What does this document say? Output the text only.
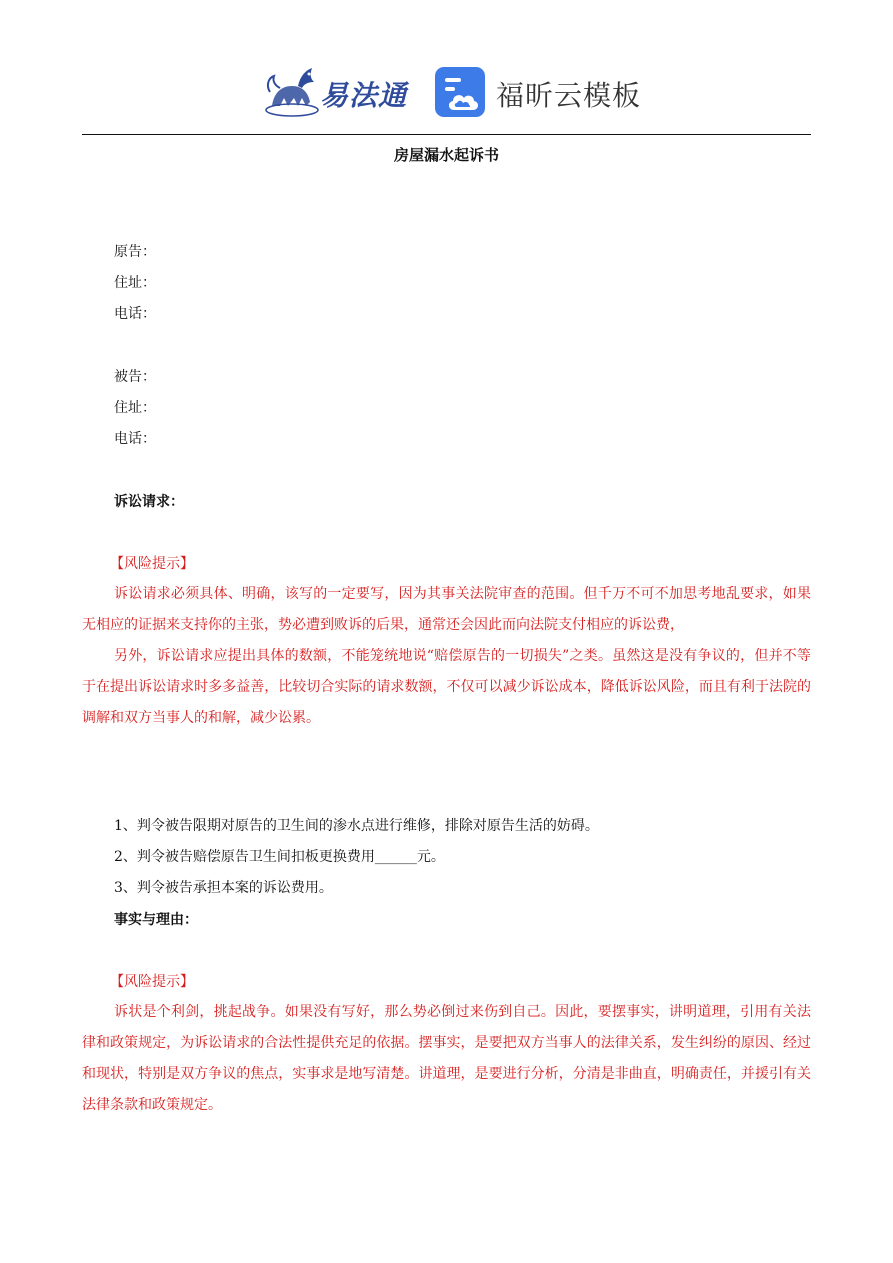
易法通	福昕云模板
房屋漏水起诉书
原告：
住址：
电话：
被告：
住址：
电话：
诉讼请求：
【风险提示】
诉讼请求必须具体、明确，该写的一定要写，因为其事关法院审查的范围。但千万不可不加思考地乱要求，如果无相应的证据来支持你的主张，势必遭到败诉的后果，通常还会因此而向法院支付相应的诉讼费，
另外，诉讼请求应提出具体的数额，不能笼统地说“赔偿原告的一切损失”之类。虽然这是没有争议的，但并不等于在提出诉讼请求时多多益善，比较切合实际的请求数额，不仅可以减少诉讼成本，降低诉讼风险，而且有利于法院的调解和双方当事人的和解，减少讼累。
1、判令被告限期对原告的卫生间的渗水点进行维修，排除对原告生活的妨碍。
2、判令被告赔偿原告卫生间扣板更换费用______元。
3、判令被告承担本案的诉讼费用。
事实与理由：
【风险提示】
诉状是个利剑，挑起战争。如果没有写好，那么势必倒过来伤到自己。因此，要摆事实，讲明道理，引用有关法律和政策规定，为诉讼请求的合法性提供充足的依据。摆事实，是要把双方当事人的法律关系，发生纠纷的原因、经过和现状，特别是双方争议的焦点，实事求是地写清楚。讲道理，是要进行分析，分清是非曲直，明确责任，并援引有关法律条款和政策规定。
